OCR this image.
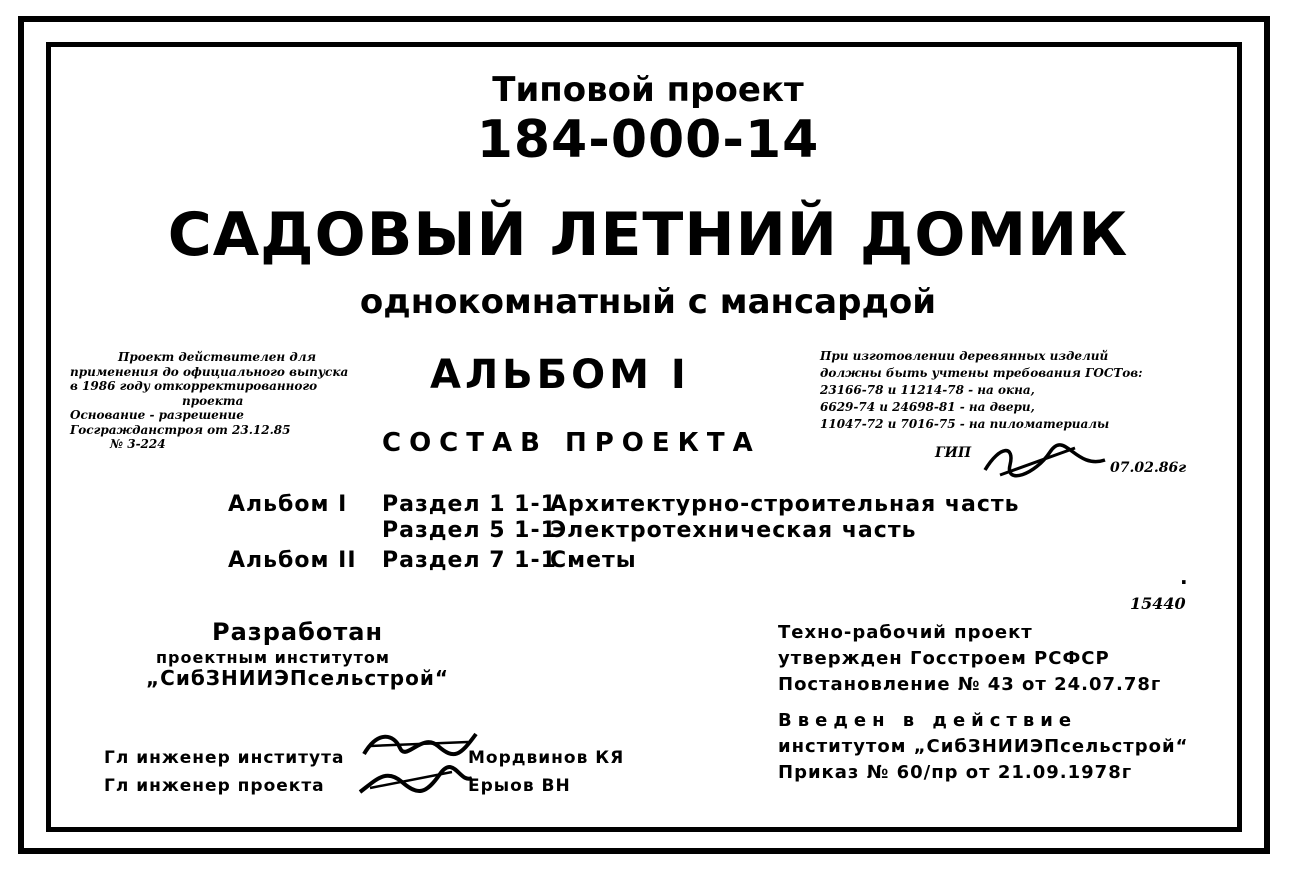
Типовой проект
184-000-14
САДОВЫЙ ЛЕТНИЙ ДОМИК
однокомнатный с мансардой
Проект действителен для
применения до официального выпуска
в 1986 году откорректированного
проекта
Основание - разрешение
Госгражданстроя от 23.12.85
№ 3-224
АЛЬБОМ I
СОСТАВ ПРОЕКТА
При изготовлении деревянных изделий
должны быть учтены требования ГОСТов:
23166-78 и 11214-78 - на окна,
6629-74 и 24698-81 - на двери,
11047-72 и 7016-75 - на пиломатериалы
ГИП
07.02.86г
Альбом I Раздел 1 1-1
Архитектурно-строительная часть
Раздел 5 1-1
Электротехническая часть
Альбом II Раздел 7 1-1
Сметы
.
15440
Разработан
проектным институтом
„СибЗНИИЭПсельстрой“
Техно-рабочий проект
утвержден Госстроем РСФСР
Постановление № 43 от 24.07.78г
Введен в действие
институтом „СибЗНИИЭПсельстрой“
Приказ № 60/пр от 21.09.1978г
Гл инженер института	Мордвинов КЯ
Гл инженер проекта	Ерыов ВН
